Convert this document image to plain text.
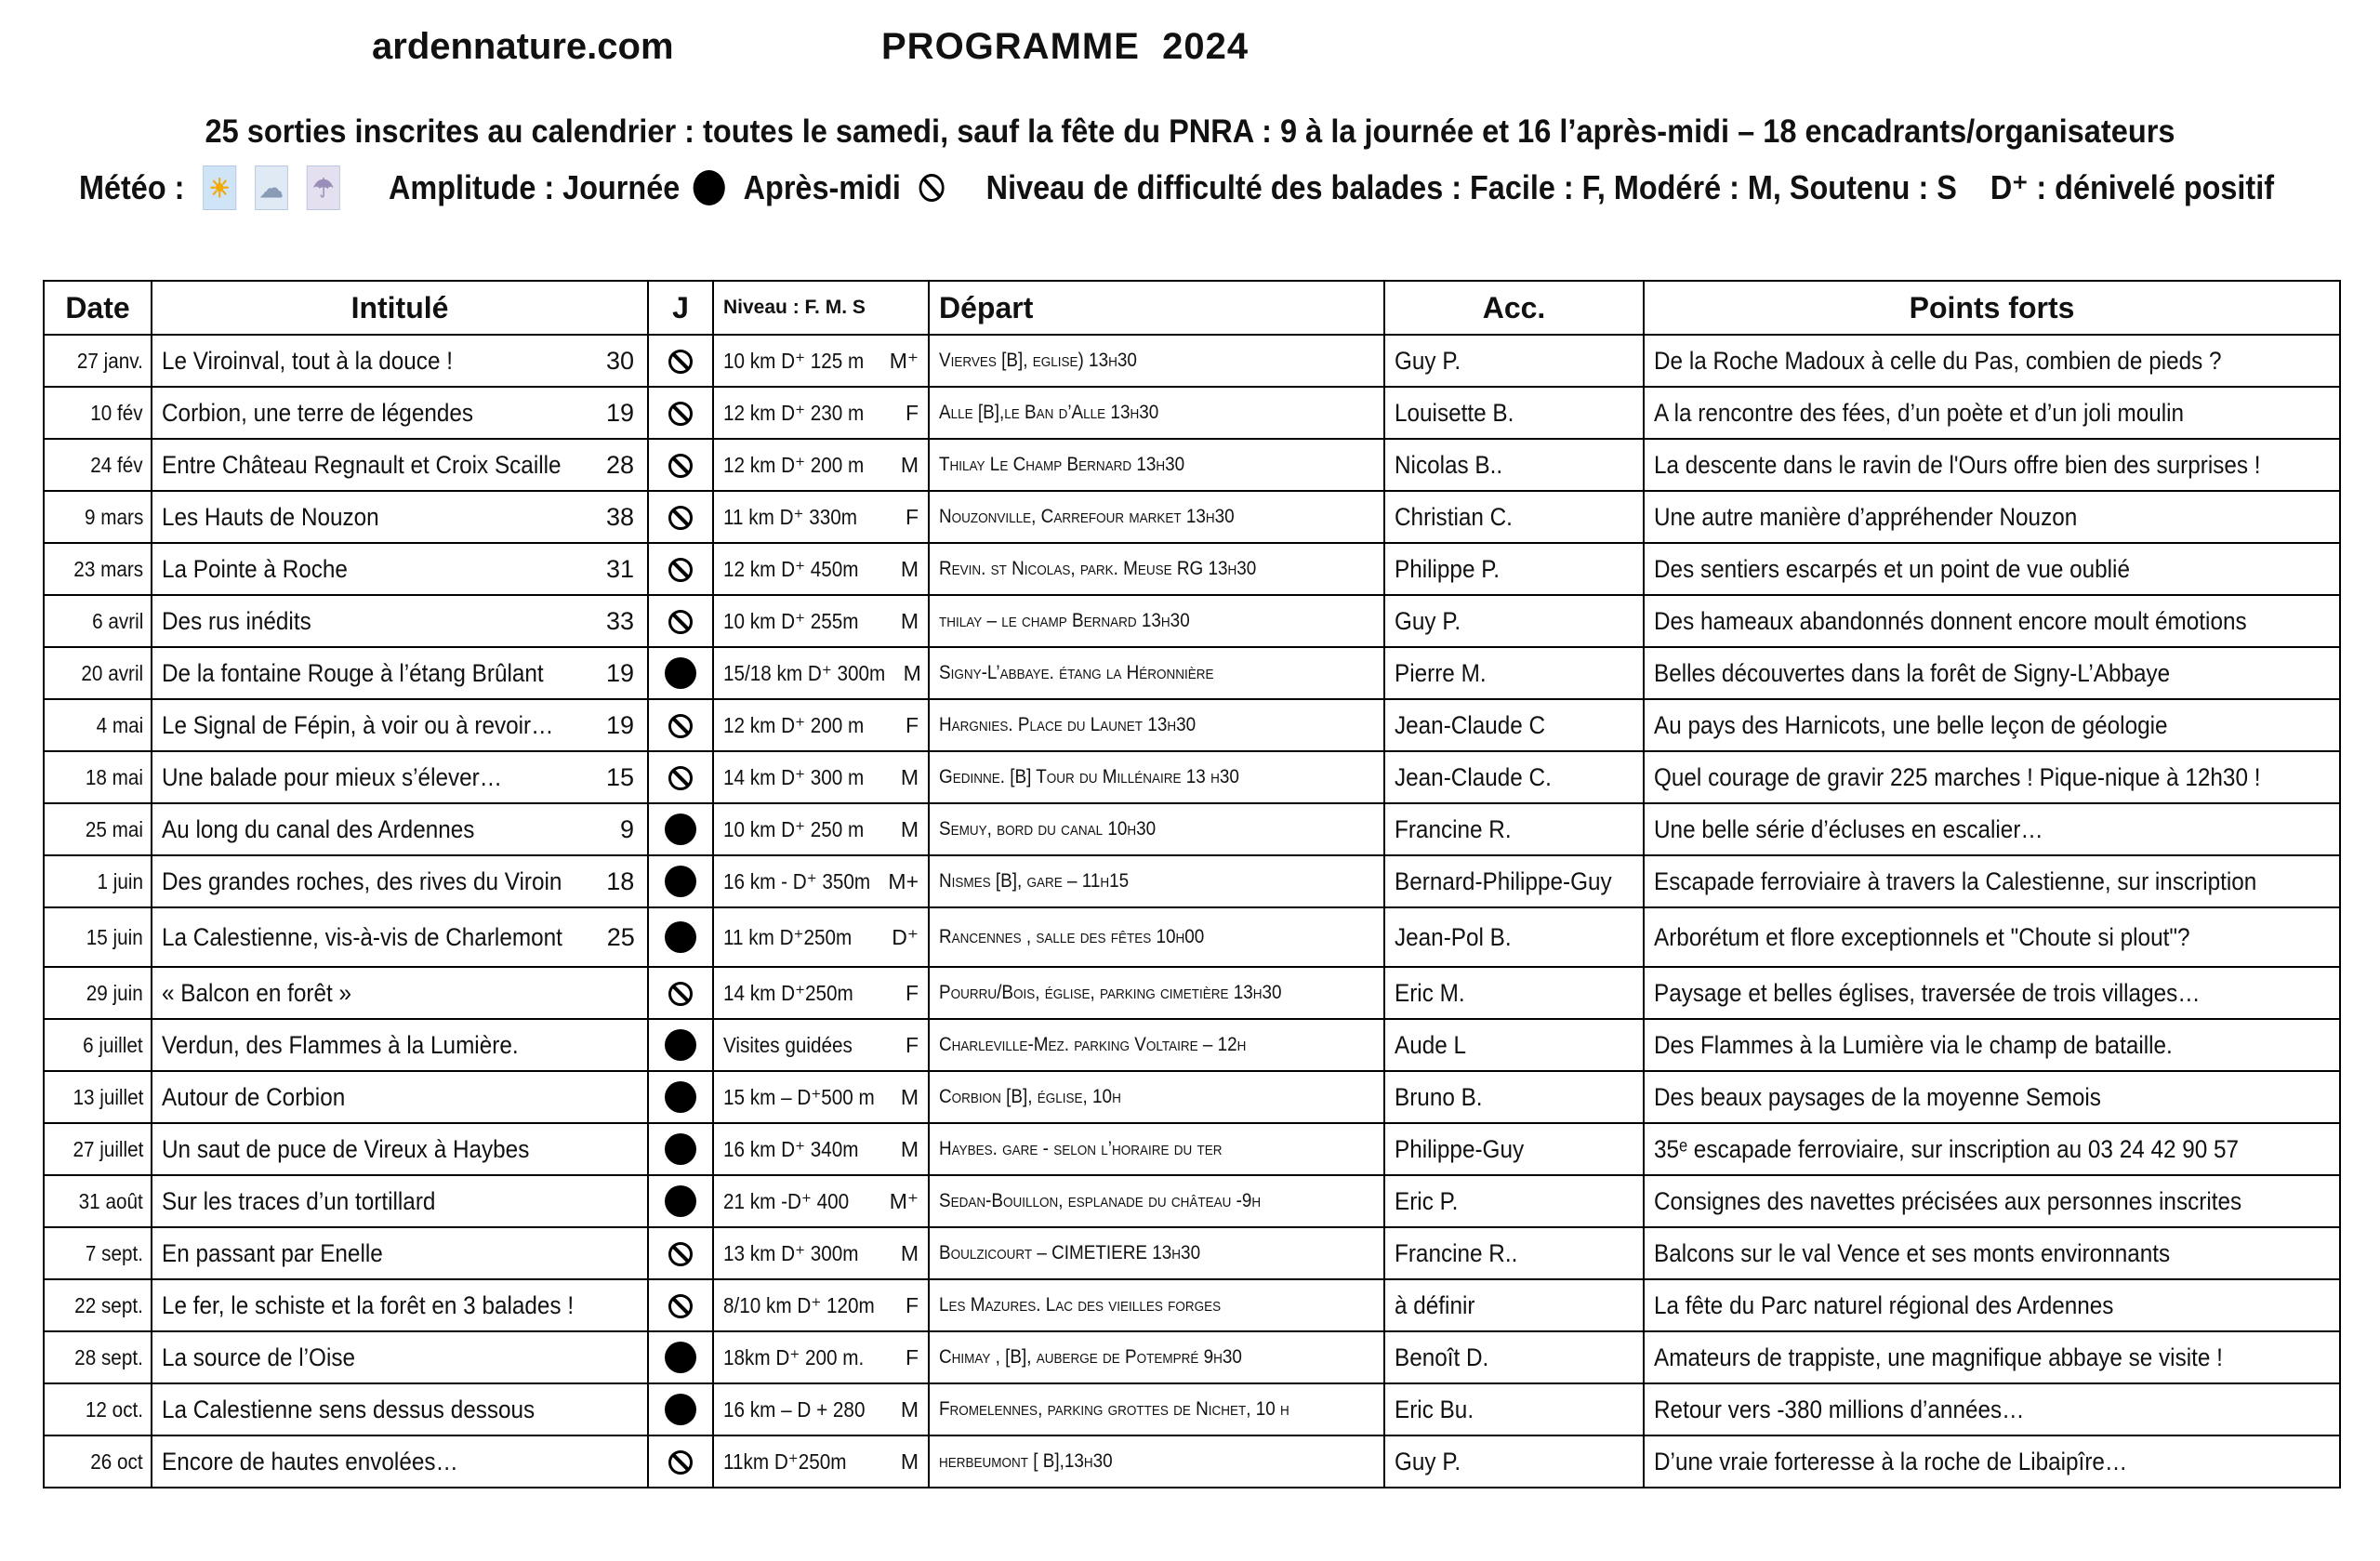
ardennature.com	PROGRAMME  2024
25 sorties inscrites au calendrier : toutes le samedi, sauf la fête du PNRA : 9 à la journée et 16 l’après-midi – 18 encadrants/organisateurs
Météo : ☀ ☁ ☂ Amplitude : Journée Après-midi	Niveau de difficulté des balades : Facile : F, Modéré : M, Soutenu : S D⁺ : dénivelé positif
Date	Intitulé	J	Niveau : F. M. S	Départ	Acc.	Points forts
27 janv.	Le Viroinval, tout à la douce ! 30		10 km D⁺ 125 m M⁺	Vierves [B], eglise) 13h30	Guy P.	De la Roche Madoux à celle du Pas, combien de pieds ?
10 fév	Corbion, une terre de légendes 19		12 km D⁺ 230 m F	Alle [B],le Ban d’Alle 13h30	Louisette B.	A la rencontre des fées, d’un poète et d’un joli moulin
24 fév	Entre Château Regnault et Croix Scaille 28		12 km D⁺ 200 m M	Thilay Le Champ Bernard 13h30	Nicolas B..	La descente dans le ravin de l'Ours offre bien des surprises !
9 mars	Les Hauts de Nouzon 38		11 km D⁺ 330m F	Nouzonville, Carrefour market 13h30	Christian C.	Une autre manière d’appréhender Nouzon
23 mars	La Pointe à Roche 31		12 km D⁺ 450m M	Revin. st Nicolas, park. Meuse RG 13h30	Philippe P.	Des sentiers escarpés et un point de vue oublié
6 avril	Des rus inédits 33		10 km D⁺ 255m M	thilay – le champ Bernard 13h30	Guy P.	Des hameaux abandonnés donnent encore moult émotions
20 avril	De la fontaine Rouge à l’étang Brûlant 19		15/18 km D⁺ 300m M	Signy-L’abbaye. étang la Héronnière	Pierre M.	Belles découvertes dans la forêt de Signy-L’Abbaye
4 mai	Le Signal de Fépin, à voir ou à revoir… 19		12 km D⁺ 200 m F	Hargnies. Place du Launet 13h30	Jean-Claude C	Au pays des Harnicots, une belle leçon de géologie
18 mai	Une balade pour mieux s’élever… 15		14 km D⁺ 300 m M	Gedinne. [B] Tour du Millénaire 13 h30	Jean-Claude C.	Quel courage de gravir 225 marches ! Pique-nique à 12h30 !
25 mai	Au long du canal des Ardennes 9		10 km D⁺ 250 m M	Semuy, bord du canal 10h30	Francine R.	Une belle série d’écluses en escalier…
1 juin	Des grandes roches, des rives du Viroin 18		16 km - D⁺ 350m M+	Nismes [B], gare – 11h15	Bernard-Philippe-Guy	Escapade ferroviaire à travers la Calestienne, sur inscription
15 juin	La Calestienne, vis-à-vis de Charlemont 25		11 km D⁺250m D⁺	Rancennes , salle des fêtes 10h00	Jean-Pol B.	Arborétum et flore exceptionnels et "Choute si plout"?
29 juin	« Balcon en forêt »		14 km D⁺250m F	Pourru/Bois, église, parking cimetière 13h30	Eric M.	Paysage et belles églises, traversée de trois villages…
6 juillet	Verdun, des Flammes à la Lumière.		Visites guidées F	Charleville-Mez. parking Voltaire – 12h	Aude L	Des Flammes à la Lumière via le champ de bataille.
13 juillet	Autour de Corbion		15 km – D⁺500 m M	Corbion [B], église, 10h	Bruno B.	Des beaux paysages de la moyenne Semois
27 juillet	Un saut de puce de Vireux à Haybes		16 km D⁺ 340m M	Haybes. gare - selon l’horaire du ter	Philippe-Guy	35ᵉ escapade ferroviaire, sur inscription au 03 24 42 90 57
31 août	Sur les traces d’un tortillard		21 km -D⁺ 400 M⁺	Sedan-Bouillon, esplanade du château -9h	Eric P.	Consignes des navettes précisées aux personnes inscrites
7 sept.	En passant par Enelle		13 km D⁺ 300m M	Boulzicourt – CIMETIERE 13h30	Francine R..	Balcons sur le val Vence et ses monts environnants
22 sept.	Le fer, le schiste et la forêt en 3 balades !		8/10 km D⁺ 120m F	Les Mazures. Lac des vieilles forges	à définir	La fête du Parc naturel régional des Ardennes
28 sept.	La source de l’Oise		18km D⁺ 200 m. F	Chimay , [B], auberge de Potempré 9h30	Benoît D.	Amateurs de trappiste, une magnifique abbaye se visite !
12 oct.	La Calestienne sens dessus dessous		16 km – D + 280 M	Fromelennes, parking grottes de Nichet, 10 h	Eric Bu.	Retour vers -380 millions d’années…
26 oct	Encore de hautes envolées…		11km D⁺250m M	herbeumont [ B],13h30	Guy P.	D’une vraie forteresse à la roche de Libaipîre…
